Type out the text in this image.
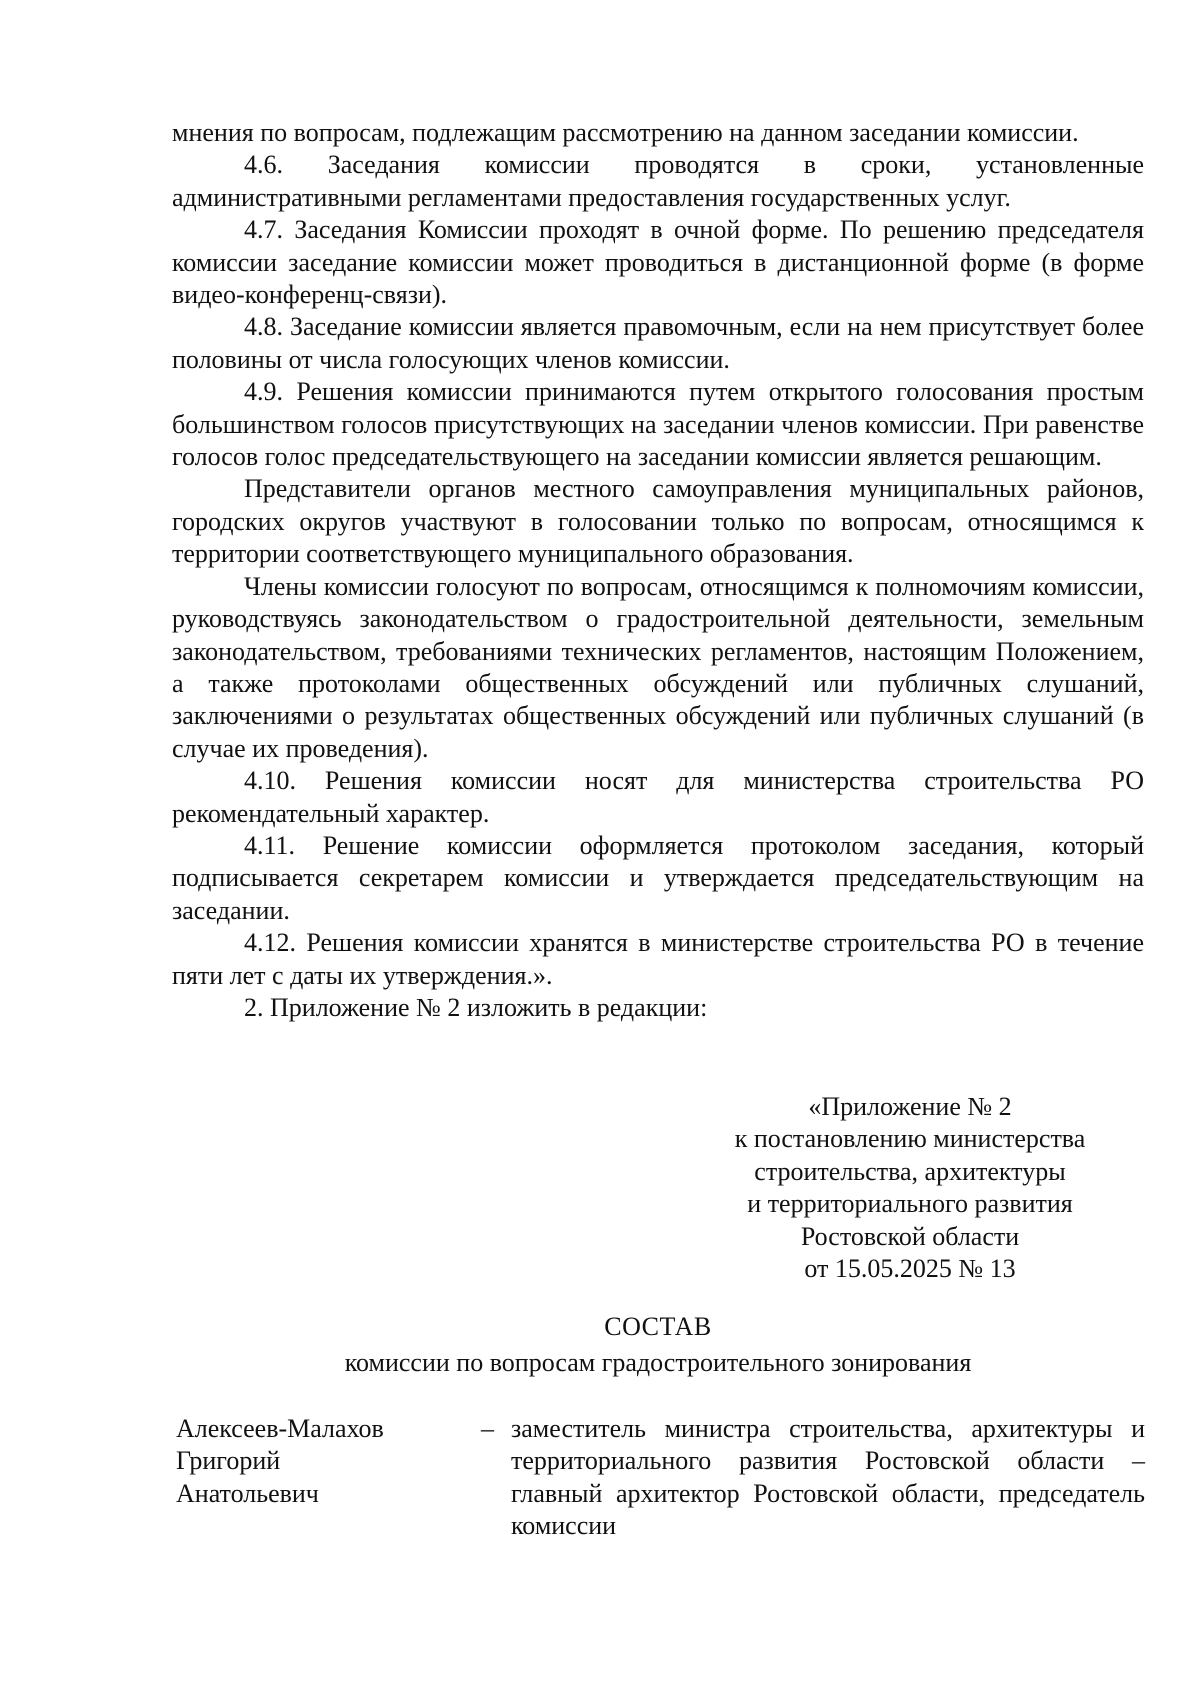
мнения по вопросам, подлежащим рассмотрению на данном заседании комиссии.

4.6. Заседания комиссии проводятся в сроки, установленные административными регламентами предоставления государственных услуг.

4.7. Заседания Комиссии проходят в очной форме. По решению председателя комиссии заседание комиссии может проводиться в дистанционной форме (в форме видео-конференц-связи).

4.8. Заседание комиссии является правомочным, если на нем присутствует более половины от числа голосующих членов комиссии.

4.9. Решения комиссии принимаются путем открытого голосования простым большинством голосов присутствующих на заседании членов комиссии. При равенстве голосов голос председательствующего на заседании комиссии является решающим.

Представители органов местного самоуправления муниципальных районов, городских округов участвуют в голосовании только по вопросам, относящимся к территории соответствующего муниципального образования.

Члены комиссии голосуют по вопросам, относящимся к полномочиям комиссии, руководствуясь законодательством о градостроительной деятельности, земельным законодательством, требованиями технических регламентов, настоящим Положением, а также протоколами общественных обсуждений или публичных слушаний, заключениями о результатах общественных обсуждений или публичных слушаний (в случае их проведения).

4.10. Решения комиссии носят для министерства строительства РО рекомендательный характер.

4.11. Решение комиссии оформляется протоколом заседания, который подписывается секретарем комиссии и утверждается председательствующим на заседании.

4.12. Решения комиссии хранятся в министерстве строительства РО в течение пяти лет с даты их утверждения.».

2. Приложение № 2 изложить в редакции:

«Приложение № 2
к постановлению министерства
строительства, архитектуры
и территориального развития
Ростовской области
от 15.05.2025 № 13
СОСТАВ
комиссии по вопросам градостроительного зонирования
Алексеев-Малахов
Григорий
Анатольевич
– заместитель министра строительства, архитектуры и территориального развития Ростовской области – главный архитектор Ростовской области, председатель комиссии
